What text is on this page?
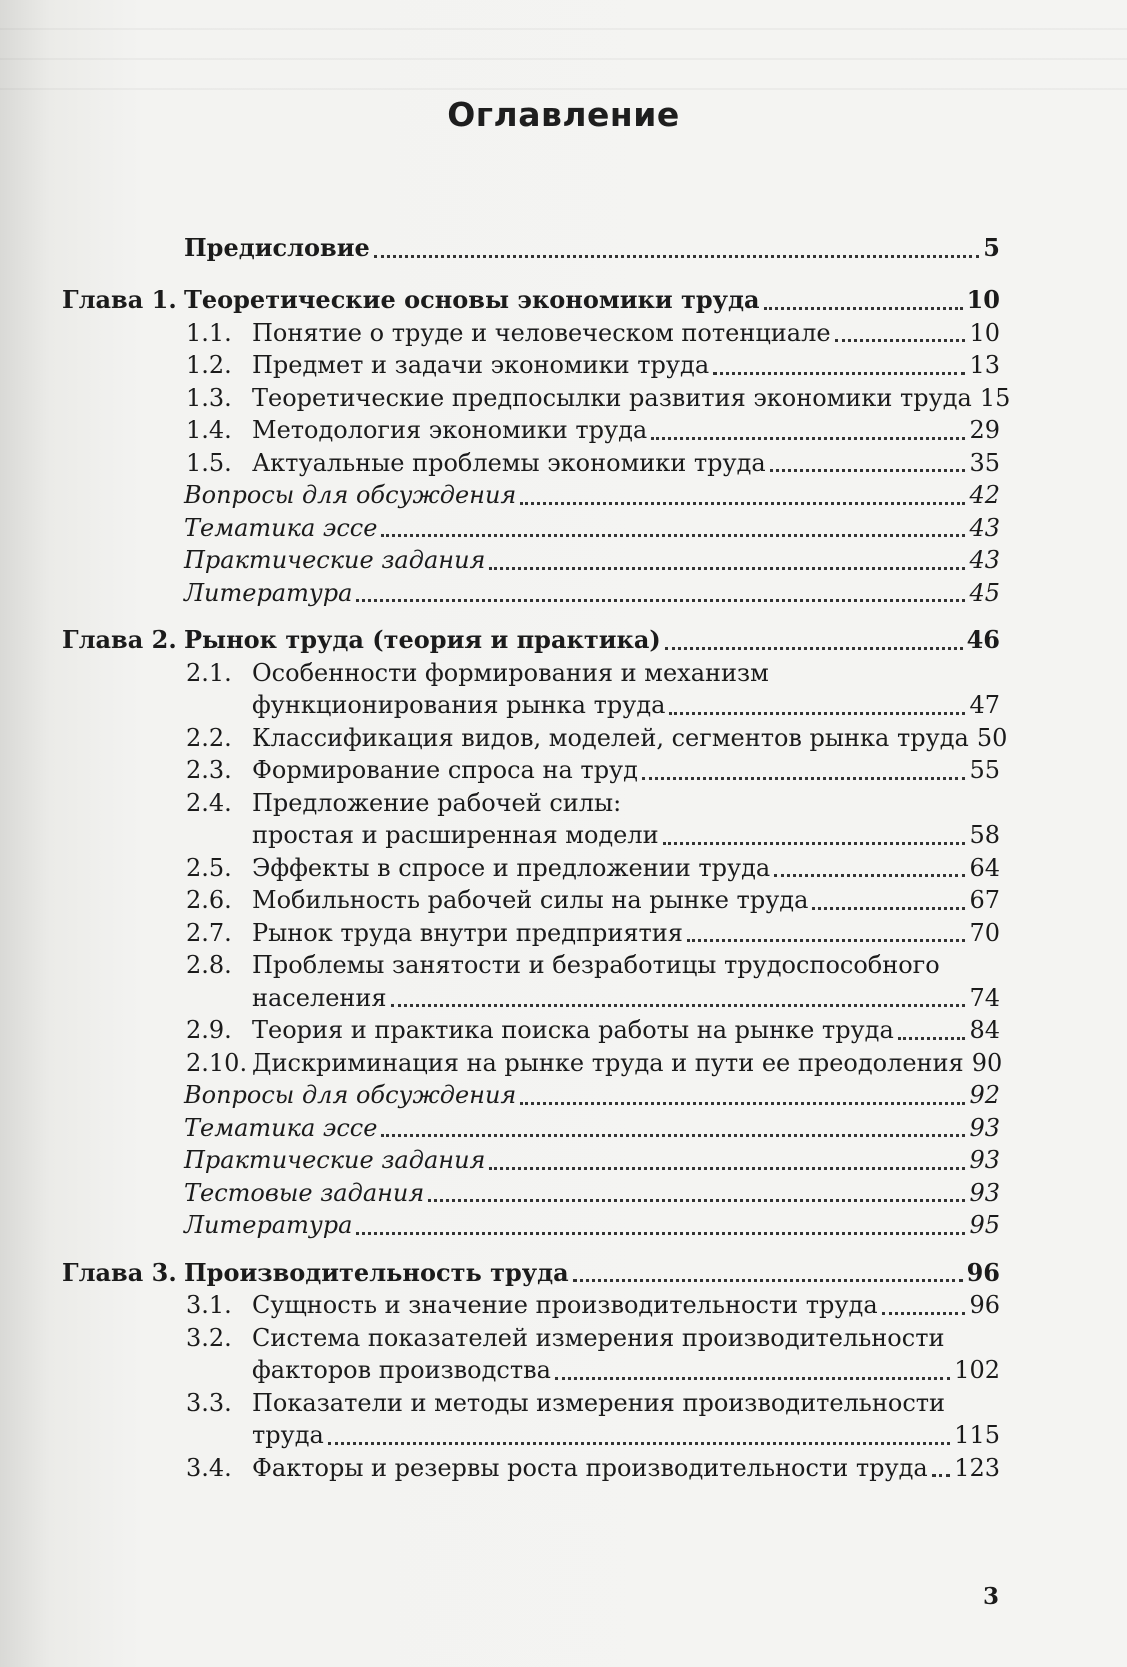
Оглавление
Предисловие	5
Глава 1. Теоретические основы экономики труда	10
1.1. Понятие о труде и человеческом потенциале	10
1.2. Предмет и задачи экономики труда	13
1.3. Теоретические предпосылки развития экономики труда 15
1.4. Методология экономики труда	29
1.5. Актуальные проблемы экономики труда	35
Вопросы для обсуждения	42
Тематика эссе	43
Практические задания	43
Литература	45
Глава 2. Рынок труда (теория и практика)	46
2.1. Особенности формирования и механизм
функционирования рынка труда	47
2.2. Классификация видов, моделей, сегментов рынка труда 50
2.3. Формирование спроса на труд	55
2.4. Предложение рабочей силы:
простая и расширенная модели	58
2.5. Эффекты в спросе и предложении труда	64
2.6. Мобильность рабочей силы на рынке труда	67
2.7. Рынок труда внутри предприятия	70
2.8. Проблемы занятости и безработицы трудоспособного
населения	74
2.9. Теория и практика поиска работы на рынке труда	84
2.10. Дискриминация на рынке труда и пути ее преодоления 90
Вопросы для обсуждения	92
Тематика эссе	93
Практические задания	93
Тестовые задания	93
Литература	95
Глава 3. Производительность труда	96
3.1. Сущность и значение производительности труда	96
3.2. Система показателей измерения производительности
факторов производства	102
3.3. Показатели и методы измерения производительности
труда	115
3.4. Факторы и резервы роста производительности труда 123
3
